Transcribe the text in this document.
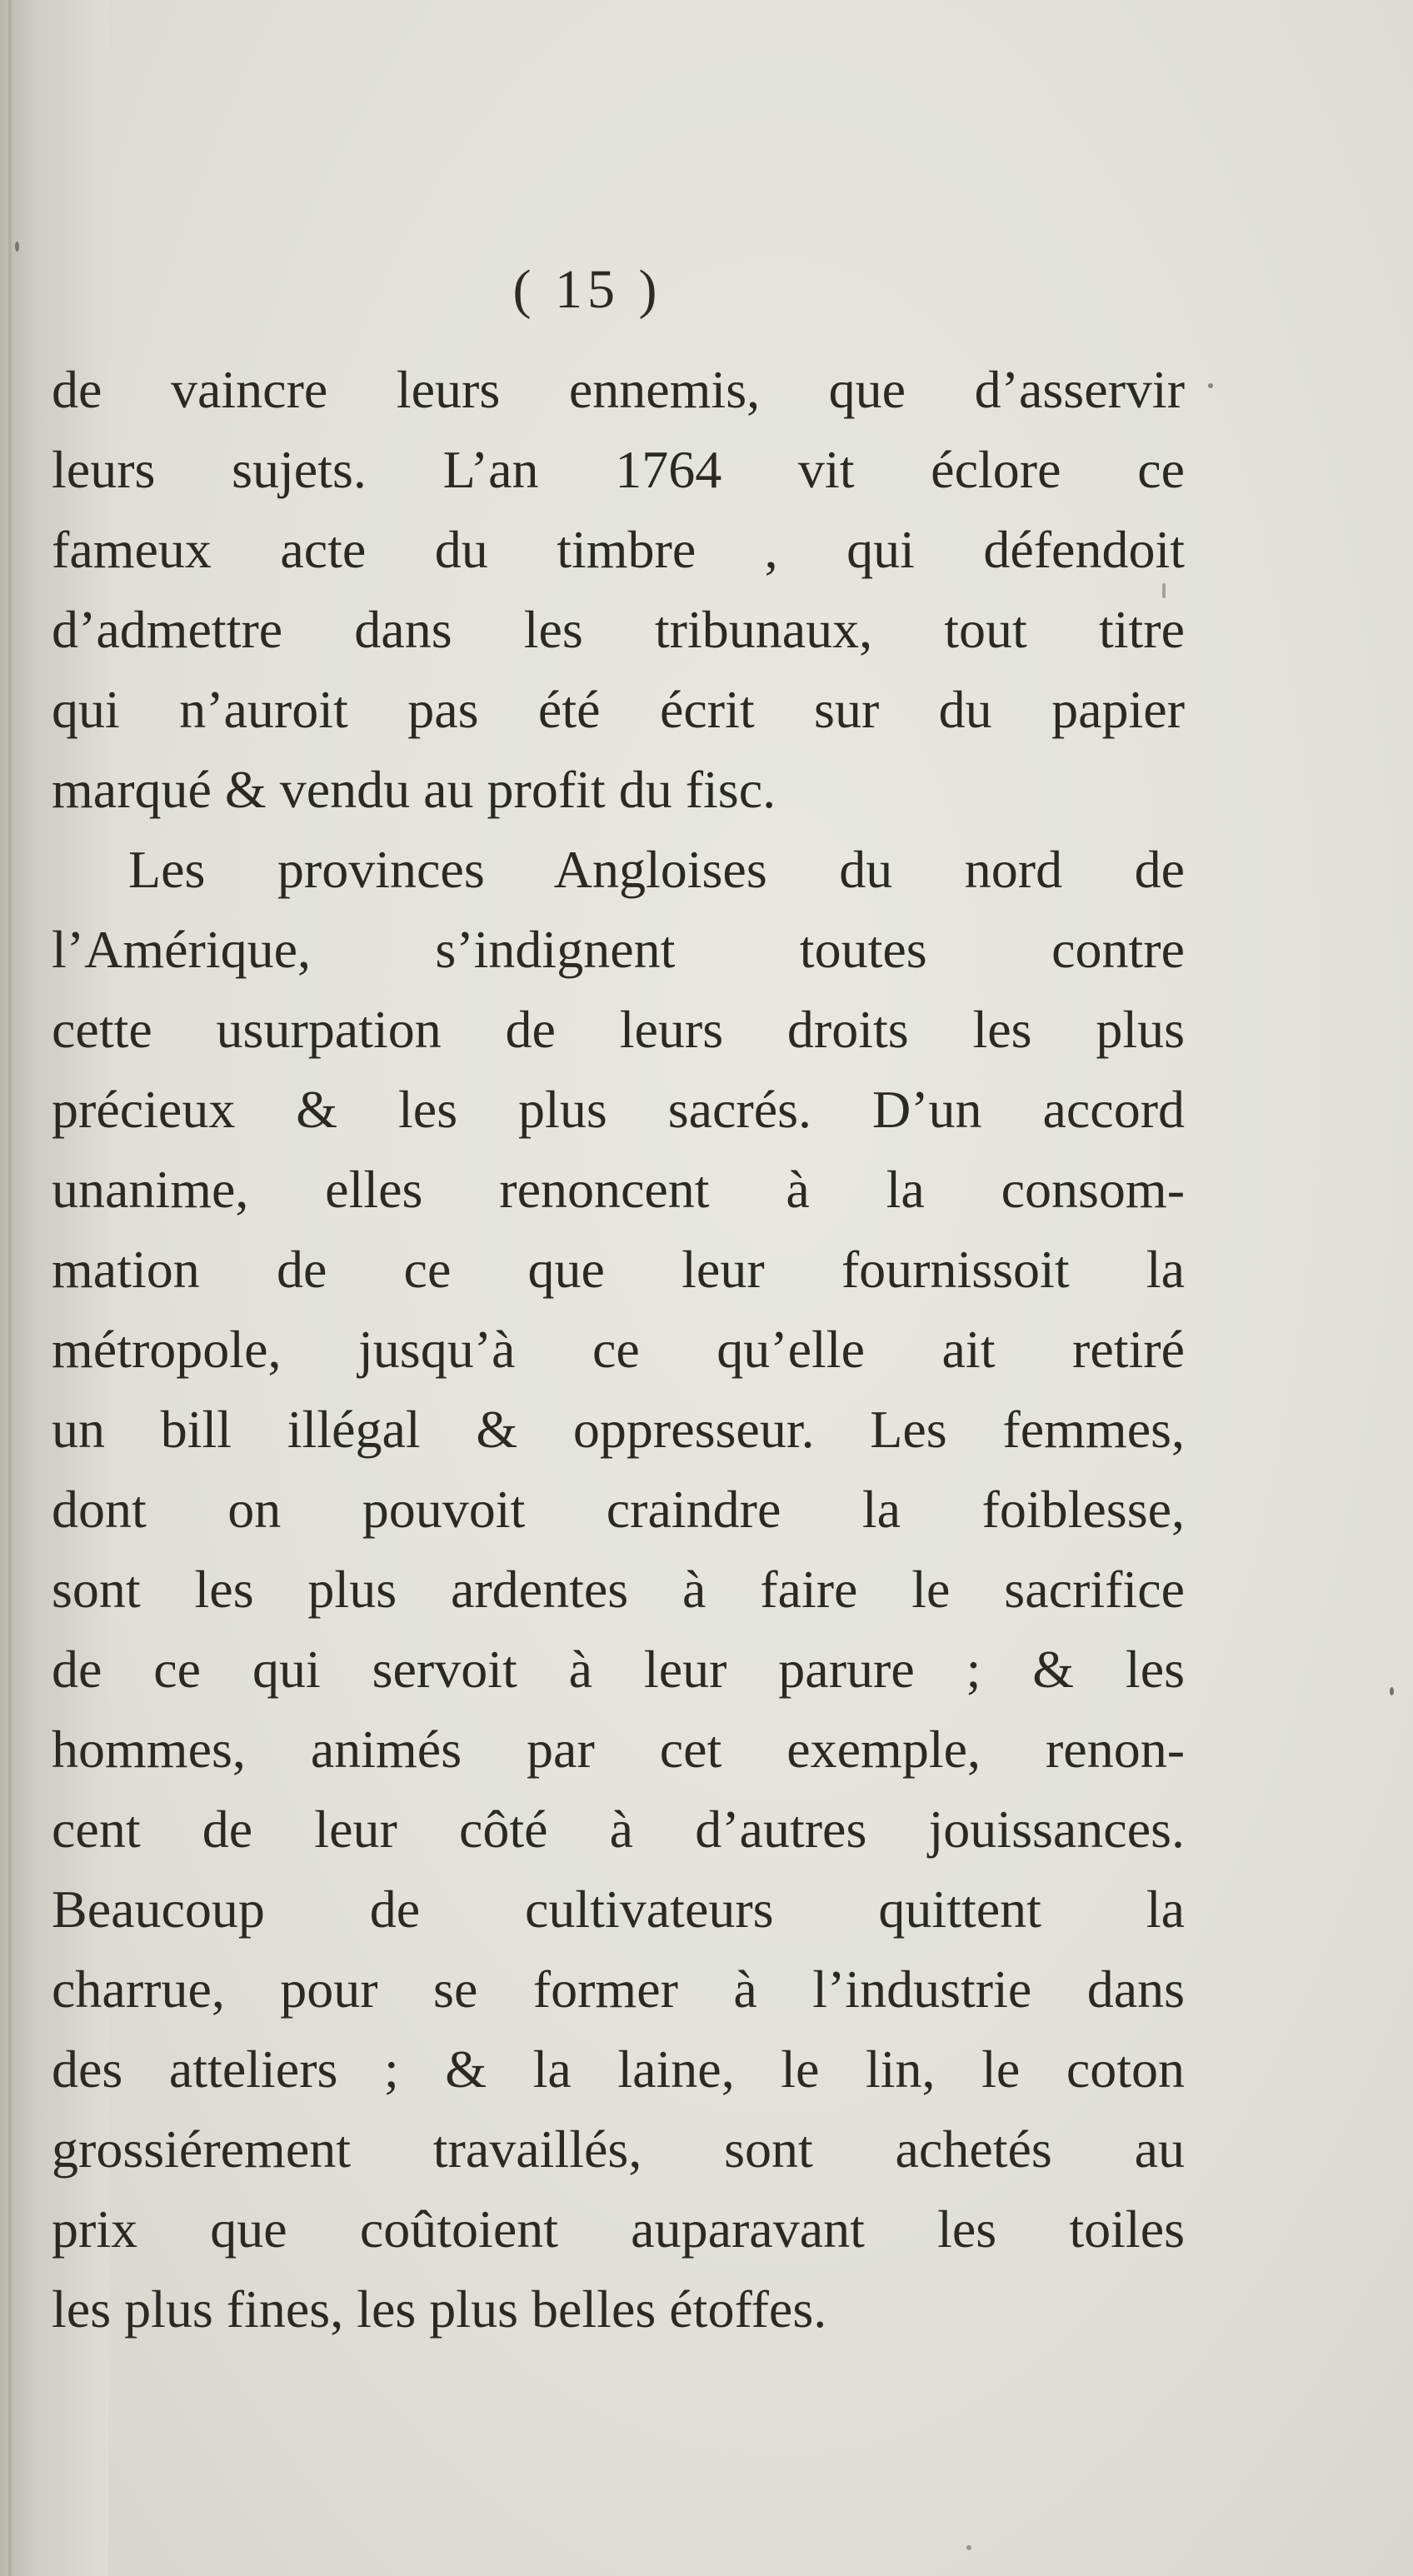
( 15 )

de vaincre leurs ennemis, que d’asservir
leurs sujets. L’an 1764 vit éclore ce
fameux acte du timbre , qui défendoit
d’admettre dans les tribunaux, tout titre
qui n’auroit pas été écrit sur du papier
marqué & vendu au profit du fisc.

Les provinces Angloises du nord de
l’Amérique, s’indignent toutes contre
cette usurpation de leurs droits les plus
précieux & les plus sacrés. D’un accord
unanime, elles renoncent à la consom-
mation de ce que leur fournissoit la
métropole, jusqu’à ce qu’elle ait retiré
un bill illégal & oppresseur. Les femmes,
dont on pouvoit craindre la foiblesse,
sont les plus ardentes à faire le sacrifice
de ce qui servoit à leur parure ; & les
hommes, animés par cet exemple, renon-
cent de leur côté à d’autres jouissances.
Beaucoup de cultivateurs quittent la
charrue, pour se former à l’industrie dans
des atteliers ; & la laine, le lin, le coton
grossiérement travaillés, sont achetés au
prix que coûtoient auparavant les toiles
les plus fines, les plus belles étoffes.
